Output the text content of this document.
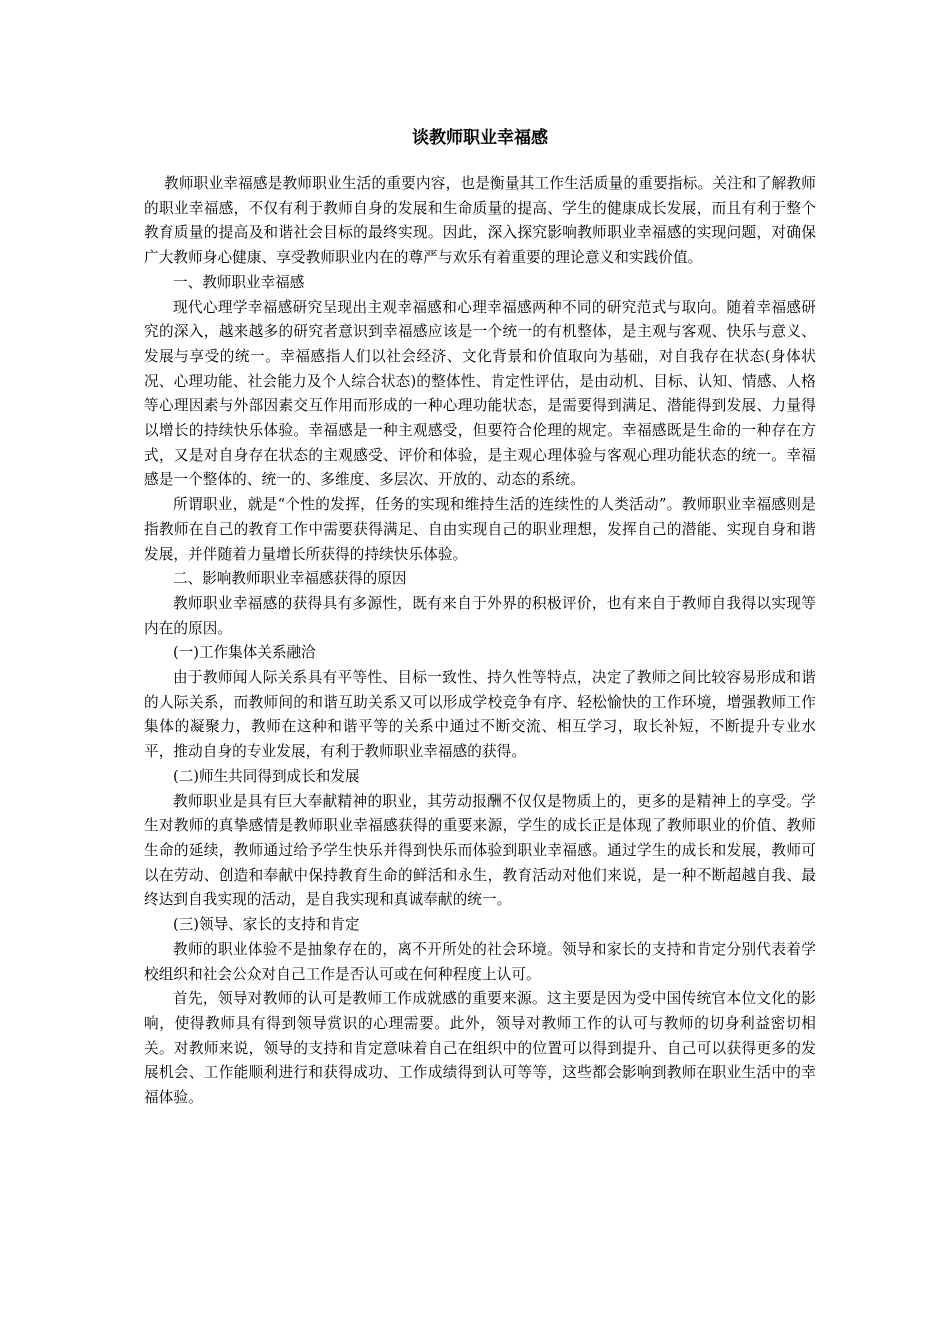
谈教师职业幸福感

教师职业幸福感是教师职业生活的重要内容，也是衡量其工作生活质量的重要指标。关注和了解教师的职业幸福感，不仅有利于教师自身的发展和生命质量的提高、学生的健康成长发展，而且有利于整个教育质量的提高及和谐社会目标的最终实现。因此，深入探究影响教师职业幸福感的实现问题，对确保广大教师身心健康、享受教师职业内在的尊严与欢乐有着重要的理论意义和实践价值。

一、教师职业幸福感

现代心理学幸福感研究呈现出主观幸福感和心理幸福感两种不同的研究范式与取向。随着幸福感研究的深入，越来越多的研究者意识到幸福感应该是一个统一的有机整体，是主观与客观、快乐与意义、发展与享受的统一。幸福感指人们以社会经济、文化背景和价值取向为基础，对自我存在状态(身体状况、心理功能、社会能力及个人综合状态)的整体性、肯定性评估，是由动机、目标、认知、情感、人格等心理因素与外部因素交互作用而形成的一种心理功能状态，是需要得到满足、潜能得到发展、力量得以增长的持续快乐体验。幸福感是一种主观感受，但要符合伦理的规定。幸福感既是生命的一种存在方式，又是对自身存在状态的主观感受、评价和体验，是主观心理体验与客观心理功能状态的统一。幸福感是一个整体的、统一的、多维度、多层次、开放的、动态的系统。

所谓职业，就是“个性的发挥，任务的实现和维持生活的连续性的人类活动”。教师职业幸福感则是指教师在自己的教育工作中需要获得满足、自由实现自己的职业理想，发挥自己的潜能、实现自身和谐发展，并伴随着力量增长所获得的持续快乐体验。

二、影响教师职业幸福感获得的原因

教师职业幸福感的获得具有多源性，既有来自于外界的积极评价，也有来自于教师自我得以实现等内在的原因。

(一)工作集体关系融洽

由于教师闻人际关系具有平等性、目标一致性、持久性等特点，决定了教师之间比较容易形成和谐的人际关系，而教师间的和谐互助关系又可以形成学校竞争有序、轻松愉快的工作环境，增强教师工作集体的凝聚力，教师在这种和谐平等的关系中通过不断交流、相互学习，取长补短，不断提升专业水平，推动自身的专业发展，有利于教师职业幸福感的获得。

(二)师生共同得到成长和发展

教师职业是具有巨大奉献精神的职业，其劳动报酬不仅仅是物质上的，更多的是精神上的享受。学生对教师的真挚感情是教师职业幸福感获得的重要来源，学生的成长正是体现了教师职业的价值、教师生命的延续，教师通过给予学生快乐并得到快乐而体验到职业幸福感。通过学生的成长和发展，教师可以在劳动、创造和奉献中保持教育生命的鲜活和永生，教育活动对他们来说，是一种不断超越自我、最终达到自我实现的活动，是自我实现和真诚奉献的统一。

(三)领导、家长的支持和肯定

教师的职业体验不是抽象存在的，离不开所处的社会环境。领导和家长的支持和肯定分别代表着学校组织和社会公众对自己工作是否认可或在何种程度上认可。

首先，领导对教师的认可是教师工作成就感的重要来源。这主要是因为受中国传统官本位文化的影响，使得教师具有得到领导赏识的心理需要。此外，领导对教师工作的认可与教师的切身利益密切相关。对教师来说，领导的支持和肯定意味着自己在组织中的位置可以得到提升、自己可以获得更多的发展机会、工作能顺利进行和获得成功、工作成绩得到认可等等，这些都会影响到教师在职业生活中的幸福体验。
